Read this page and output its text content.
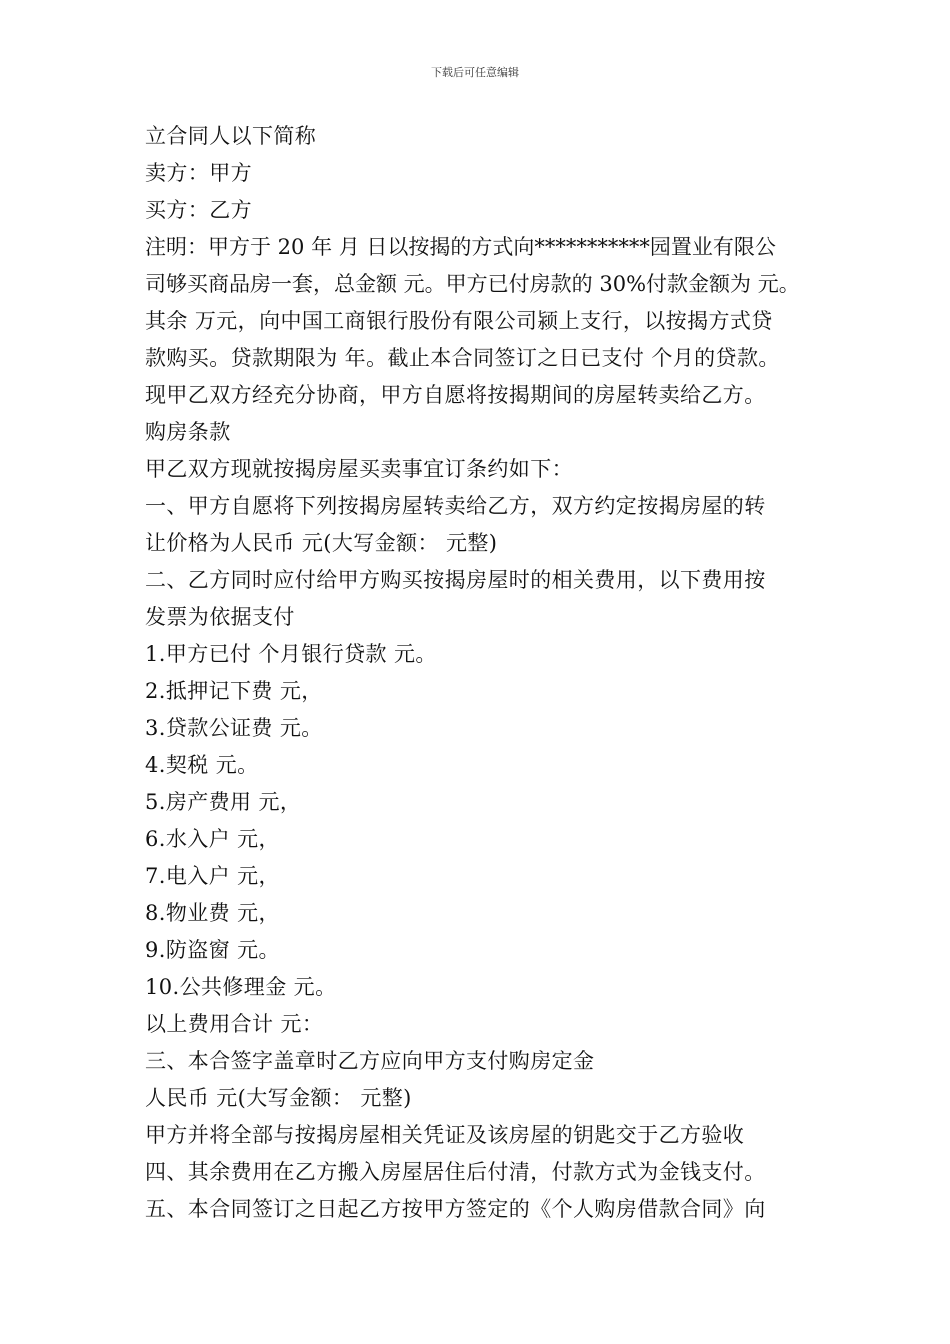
下载后可任意编辑
立合同人以下简称
卖方：甲方
买方：乙方
注明：甲方于 20 年 月 日以按揭的方式向***********园置业有限公
司够买商品房一套，总金额 元。甲方已付房款的 30%付款金额为 元。
其余 万元，向中国工商银行股份有限公司颍上支行，以按揭方式贷
款购买。贷款期限为 年。截止本合同签订之日已支付 个月的贷款。
现甲乙双方经充分协商，甲方自愿将按揭期间的房屋转卖给乙方。
购房条款
甲乙双方现就按揭房屋买卖事宜订条约如下：
一、甲方自愿将下列按揭房屋转卖给乙方，双方约定按揭房屋的转
让价格为人民币 元(大写金额： 元整)
二、乙方同时应付给甲方购买按揭房屋时的相关费用，以下费用按
发票为依据支付
1.甲方已付 个月银行贷款 元。
2.抵押记下费 元，
3.贷款公证费 元。
4.契税 元。
5.房产费用 元，
6.水入户 元，
7.电入户 元，
8.物业费 元，
9.防盗窗 元。
10.公共修理金 元。
以上费用合计 元：
三、本合签字盖章时乙方应向甲方支付购房定金
人民币 元(大写金额： 元整)
甲方并将全部与按揭房屋相关凭证及该房屋的钥匙交于乙方验收
四、其余费用在乙方搬入房屋居住后付清，付款方式为金钱支付。
五、本合同签订之日起乙方按甲方签定的《个人购房借款合同》向
